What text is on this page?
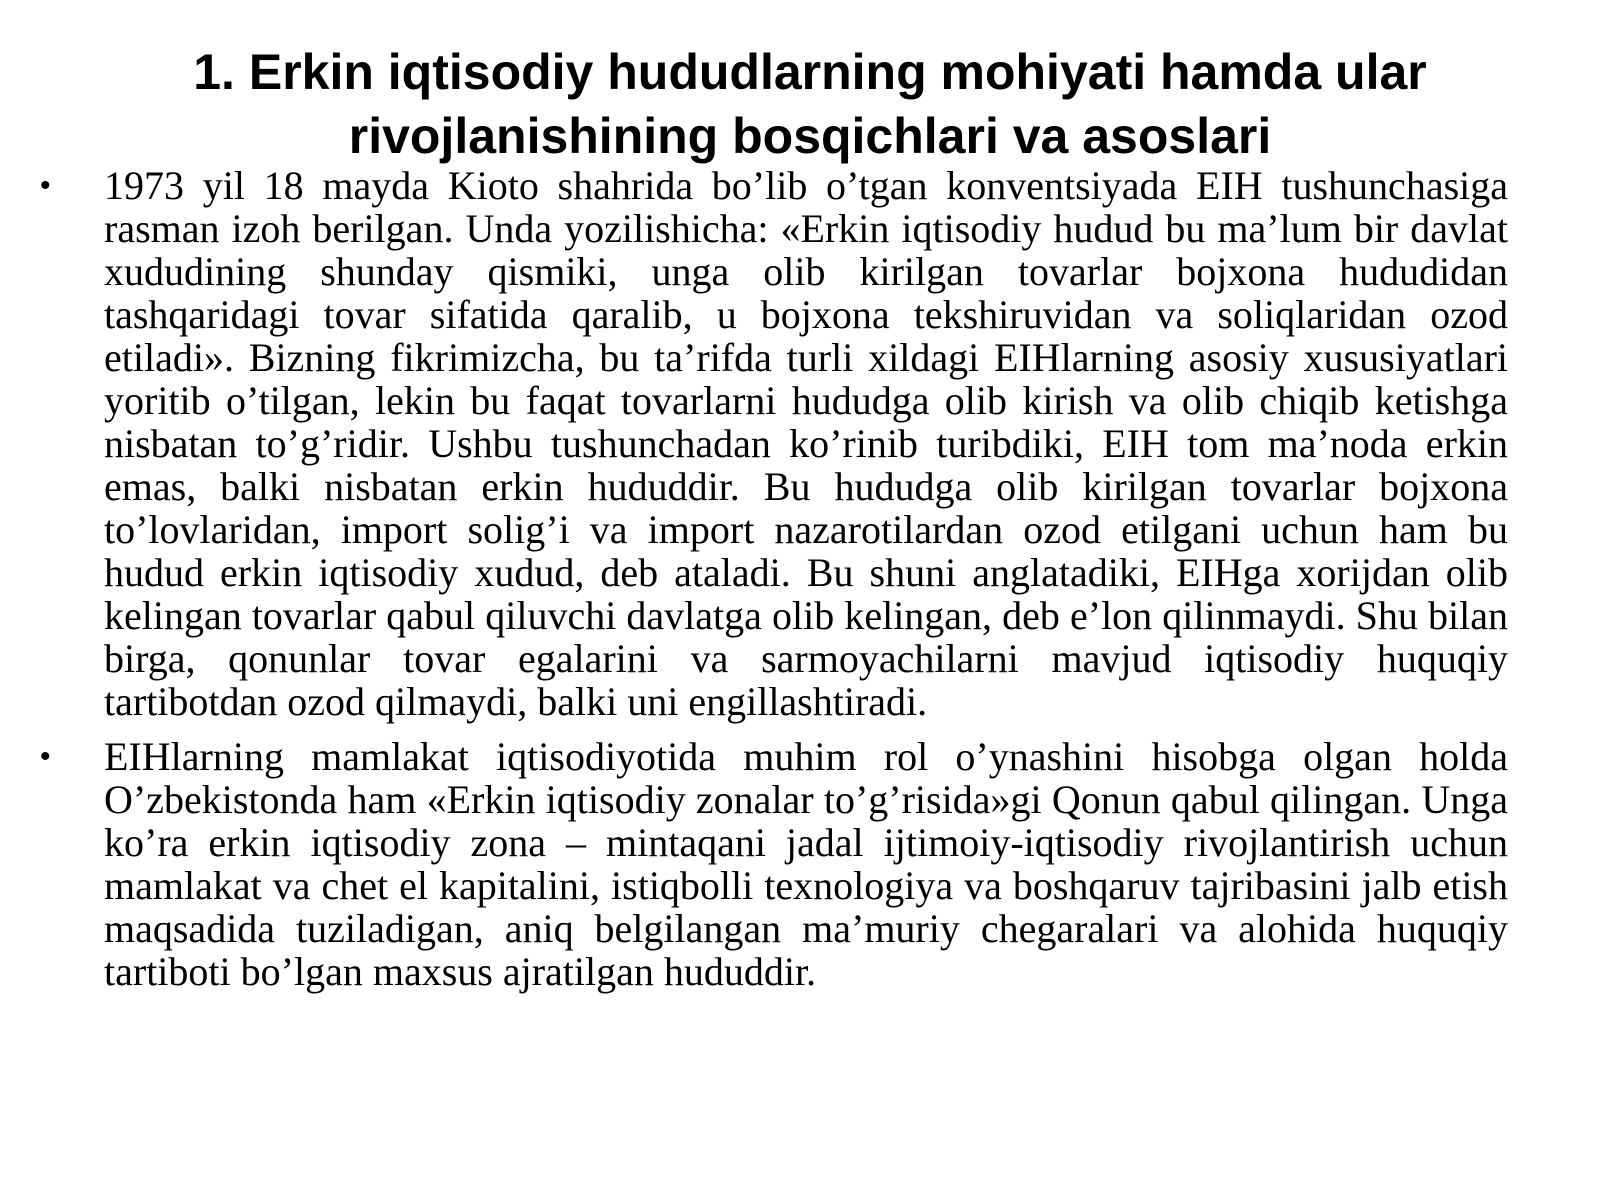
1. Erkin iqtisodiy hududlarning mohiyati hamda ular rivojlanishining bosqichlari va asoslari
• 1973 yil 18 mayda Kioto shahrida bo’lib o’tgan konventsiyada EIH tushunchasiga rasman izoh berilgan. Unda yozilishicha: «Erkin iqtisodiy hudud bu ma’lum bir davlat xududining shunday qismiki, unga olib kirilgan tovarlar bojxona hududidan tashqaridagi tovar sifatida qaralib, u bojxona tekshiruvidan va soliqlaridan ozod etiladi». Bizning fikrimizcha, bu ta’rifda turli xildagi EIHlarning asosiy xususiyatlari yoritib o’tilgan, lekin bu faqat tovarlarni hududga olib kirish va olib chiqib ketishga nisbatan to’g’ridir. Ushbu tushunchadan ko’rinib turibdiki, EIH tom ma’noda erkin emas, balki nisbatan erkin hududdir. Bu hududga olib kirilgan tovarlar bojxona to’lovlaridan, import solig’i va import nazarotilardan ozod etilgani uchun ham bu hudud erkin iqtisodiy xudud, deb ataladi. Bu shuni anglatadiki, EIHga xorijdan olib kelingan tovarlar qabul qiluvchi davlatga olib kelingan, deb e’lon qilinmaydi. Shu bilan birga, qonunlar tovar egalarini va sarmoyachilarni mavjud iqtisodiy huquqiy tartibotdan ozod qilmaydi, balki uni engillashtiradi.
• EIHlarning mamlakat iqtisodiyotida muhim rol o’ynashini hisobga olgan holda O’zbekistonda ham «Erkin iqtisodiy zonalar to’g’risida»gi Qonun qabul qilingan. Unga ko’ra erkin iqtisodiy zona – mintaqani jadal ijtimoiy-iqtisodiy rivojlantirish uchun mamlakat va chet el kapitalini, istiqbolli texnologiya va boshqaruv tajribasini jalb etish maqsadida tuziladigan, aniq belgilangan ma’muriy chegaralari va alohida huquqiy tartiboti bo’lgan maxsus ajratilgan hududdir.
